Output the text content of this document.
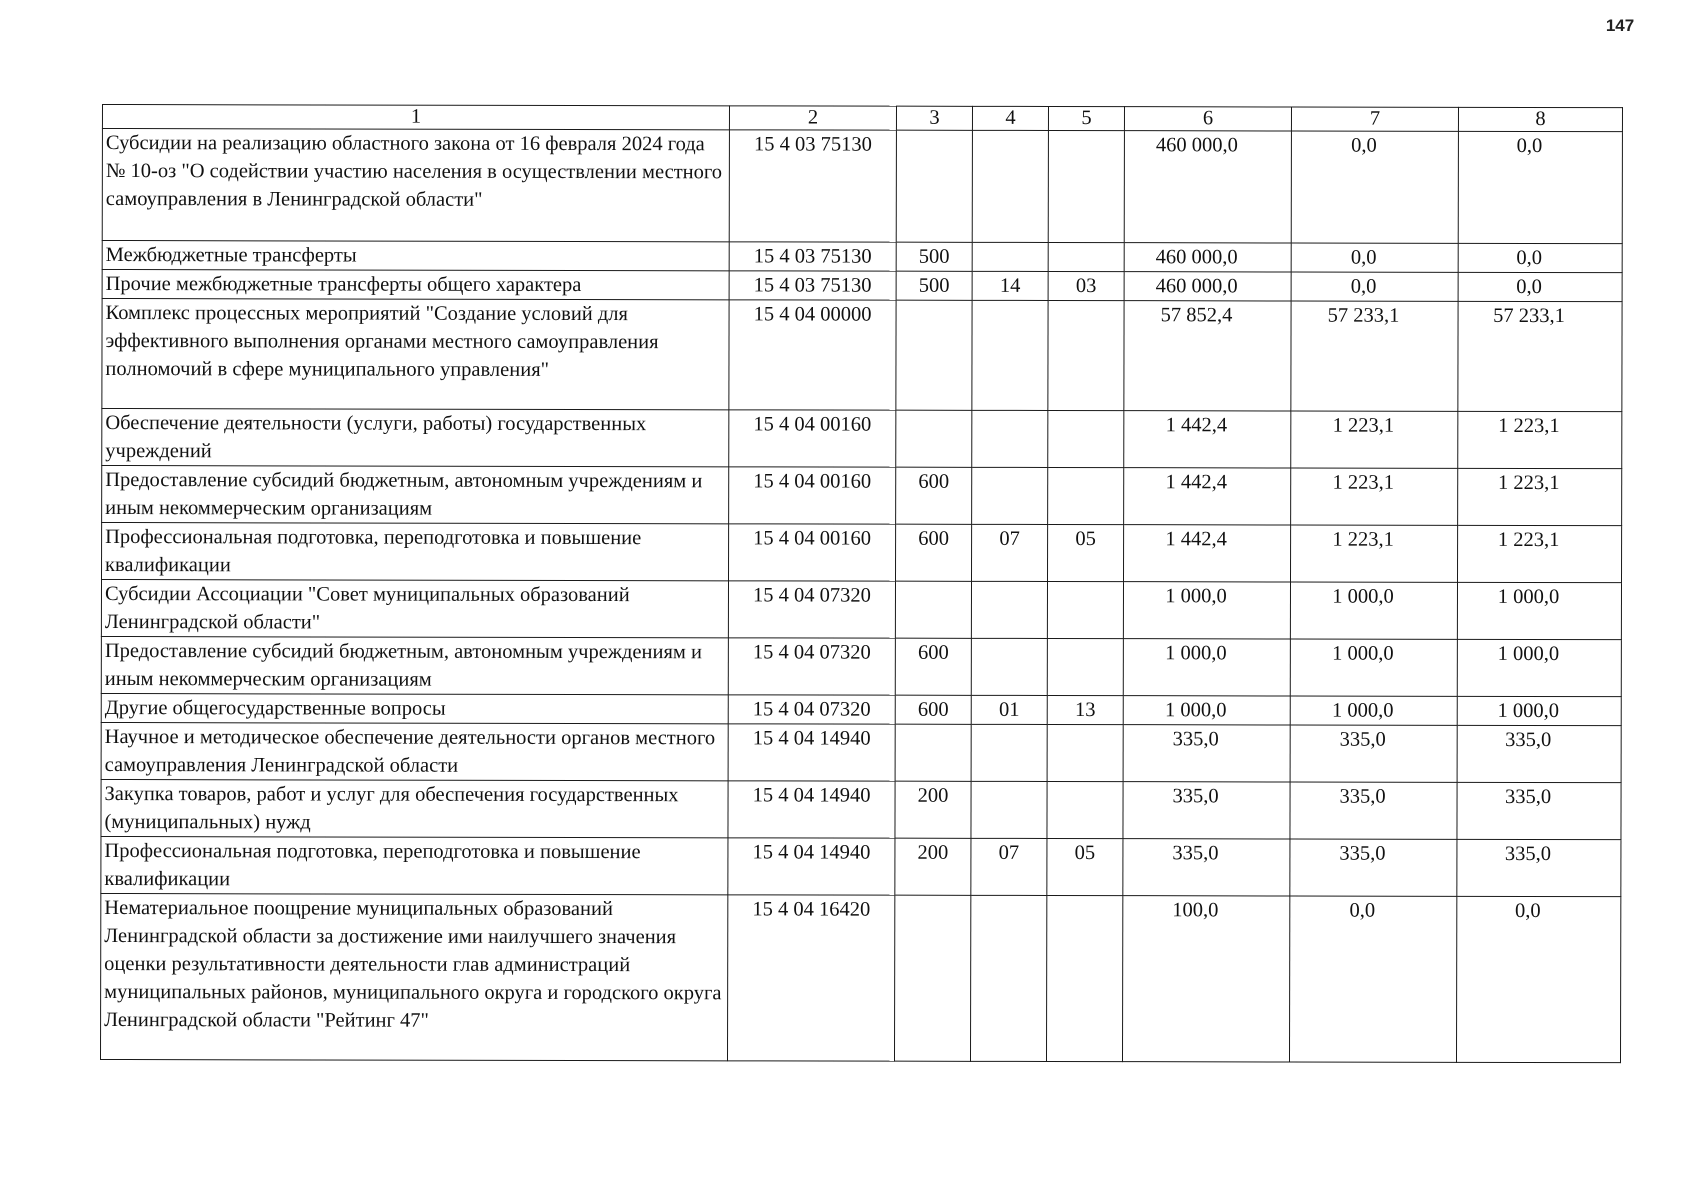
147
1	2	3	4	5	6	7	8
Субсидии на реализацию областного закона от 16 февраля 2024 года № 10-оз "О содействии участию населения в осуществлении местного самоуправления в Ленинградской области"	15 4 03 75130				460 000,0	0,0	0,0
Межбюджетные трансферты	15 4 03 75130	500			460 000,0	0,0	0,0
Прочие межбюджетные трансферты общего характера	15 4 03 75130	500	14	03	460 000,0	0,0	0,0
Комплекс процессных мероприятий "Создание условий для эффективного выполнения органами местного самоуправления полномочий в сфере муниципального управления"	15 4 04 00000				57 852,4	57 233,1	57 233,1
Обеспечение деятельности (услуги, работы) государственных учреждений	15 4 04 00160				1 442,4	1 223,1	1 223,1
Предоставление субсидий бюджетным, автономным учреждениям и иным некоммерческим организациям	15 4 04 00160	600			1 442,4	1 223,1	1 223,1
Профессиональная подготовка, переподготовка и повышение квалификации	15 4 04 00160	600	07	05	1 442,4	1 223,1	1 223,1
Субсидии Ассоциации "Совет муниципальных образований Ленинградской области"	15 4 04 07320				1 000,0	1 000,0	1 000,0
Предоставление субсидий бюджетным, автономным учреждениям и иным некоммерческим организациям	15 4 04 07320	600			1 000,0	1 000,0	1 000,0
Другие общегосударственные вопросы	15 4 04 07320	600	01	13	1 000,0	1 000,0	1 000,0
Научное и методическое обеспечение деятельности органов местного самоуправления Ленинградской области	15 4 04 14940				335,0	335,0	335,0
Закупка товаров, работ и услуг для обеспечения государственных (муниципальных) нужд	15 4 04 14940	200			335,0	335,0	335,0
Профессиональная подготовка, переподготовка и повышение квалификации	15 4 04 14940	200	07	05	335,0	335,0	335,0
Нематериальное поощрение муниципальных образований Ленинградской области за достижение ими наилучшего значения оценки результативности деятельности глав администраций муниципальных районов, муниципального округа и городского округа Ленинградской области "Рейтинг 47"	15 4 04 16420				100,0	0,0	0,0
